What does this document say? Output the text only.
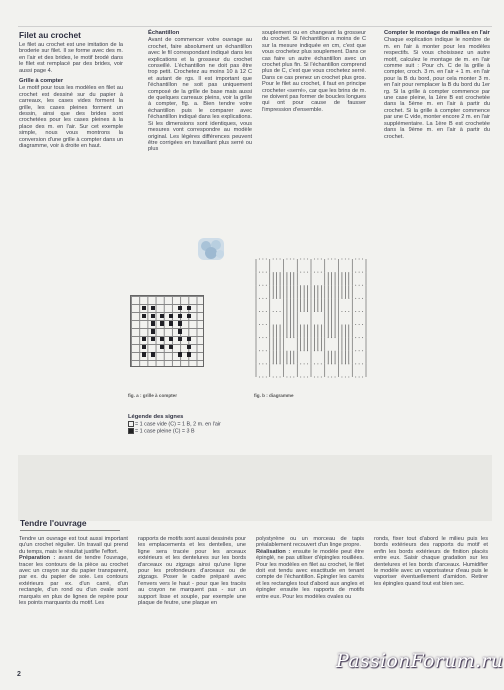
Filet au crochet

Le filet au crochet est une imitation de la broderie sur filet. Il se forme avec des m. en l'air et des brides, le motif brodé dans le filet est remplacé par des brides, voir aussi page 4.

Grille à compter

Le motif pour tous les modèles en filet au crochet est dessiné sur du papier à carreaux, les cases vides forment la grille, les cases pleines forment un dessin, ainsi que des brides sont crochetées pour les cases pleines à la place des m. en l'air. Sur cet exemple simple, nous vous montrons la conversion d'une grille à compter dans un diagramme, voir à droite en haut.

Échantillon

Avant de commencer votre ouvrage au crochet, faire absolument un échantillon avec le fil correspondant indiqué dans les explications et la grosseur du crochet conseillé. L'échantillon ne doit pas être trop petit. Crochetez au moins 10 à 12 C et autant de rgs. Il est important que l'échantillon ne soit pas uniquement composé de la grille de base mais aussi de quelques carreaux pleins, voir la grille à compter, fig. a. Bien tendre votre échantillon puis le comparer avec l'échantillon indiqué dans les explications. Si les dimensions sont identiques, vous mesures vont correspondre au modèle original. Les légères différences peuvent être corrigées en travaillant plus serré ou plus

souplement ou en changeant la grosseur du crochet. Si l'échantillon a moins de C sur la mesure indiquée en cm, c'est que vous crochetez plus souplement. Dans ce cas faire un autre échantillon avec un crochet plus fin. Si l'échantillon comprend plus de C, c'est que vous crochetez serré. Dans ce cas prenez un crochet plus gros. Pour le filet au crochet, il faut en principe crocheter «serré», car que les brins de m. ne doivent pas former de boucles longues qui ont pour cause de fausser l'impression d'ensemble.

Compter le montage de mailles en l'air

Chaque explication indique le nombre de m. en l'air à monter pour les modèles respectifs. Si vous choisissez un autre motif, calculez le montage de m. en l'air comme suit : Pour ch. C de la grille à compter, croch. 3 m. en l'air + 1 m. en l'air pour la B du bord, pour cela monter 3 m. en l'air pour remplacer la B du bord du 1er rg. Si la grille à compter commence par une case pleine, la 1ère B est crochetée dans la 5ème m. en l'air à partir du crochet. Si la grille à compter commence par une C vide, monter encore 2 m. en l'air supplémentaire. La 1ère B est crochetée dans la 9ème m. en l'air à partir du crochet.

fig. a : grille à compter	fig. b : diagramme
Légende des signes
= 1 case vide (C) = 1 B, 2 m. en l'air
= 1 case pleine (C) = 3 B
Tendre l'ouvrage

Tendre un ouvrage est tout aussi important qu'un crochet régulier. Un travail qui prend du temps, mais le résultat justifie l'effort.

Préparation : avant de tendre l'ouvrage, tracer les contours de la pièce au crochet avec un crayon sur du papier transparent, par ex. du papier de soie. Les contours extérieurs par ex. d'un carré, d'un rectangle, d'un rond ou d'un ovale sont marqués en plus de lignes de repère pour les points marquants du motif. Les

rapports de motifs sont aussi dessinés pour les emplacements et les dentelles, une ligne sera tracée pour les arceaux extérieurs et les dentelures sur les bords d'arceaux ou zigzags ainsi qu'une ligne pour les profondeurs d'arceaux ou de zigzags. Poser le cadre préparé avec l'envers vers le haut - pour que les tracés au crayon ne marquent pas - sur un support lisse et souple, par exemple une plaque de feutre, une plaque en

polystyrène ou un morceau de tapis préalablement recouvert d'un linge propre.

Réalisation : ensuite le modèle peut être épinglé, ne pas utiliser d'épingles rouillées. Pour les modèles en filet au crochet, le filet doit est tendu avec exactitude en tenant compte de l'échantillon. Épingler les carrés et les rectangles tout d'abord aux angles et épingler ensuite les rapports de motifs entre eux. Pour les modèles ovales ou

ronds, fixer tout d'abord le milieu puis les bords extérieurs des rapports du motif et enfin les bords extérieurs de finition placés entre eux. Saisir chaque gradation sur les dentelures et les bords d'arceaux. Humidifier le modèle avec un vaporisateur d'eau puis le vaporiser éventuellement d'amidon. Retirer les épingles quand tout est bien sec.

2
PassionForum.ru
